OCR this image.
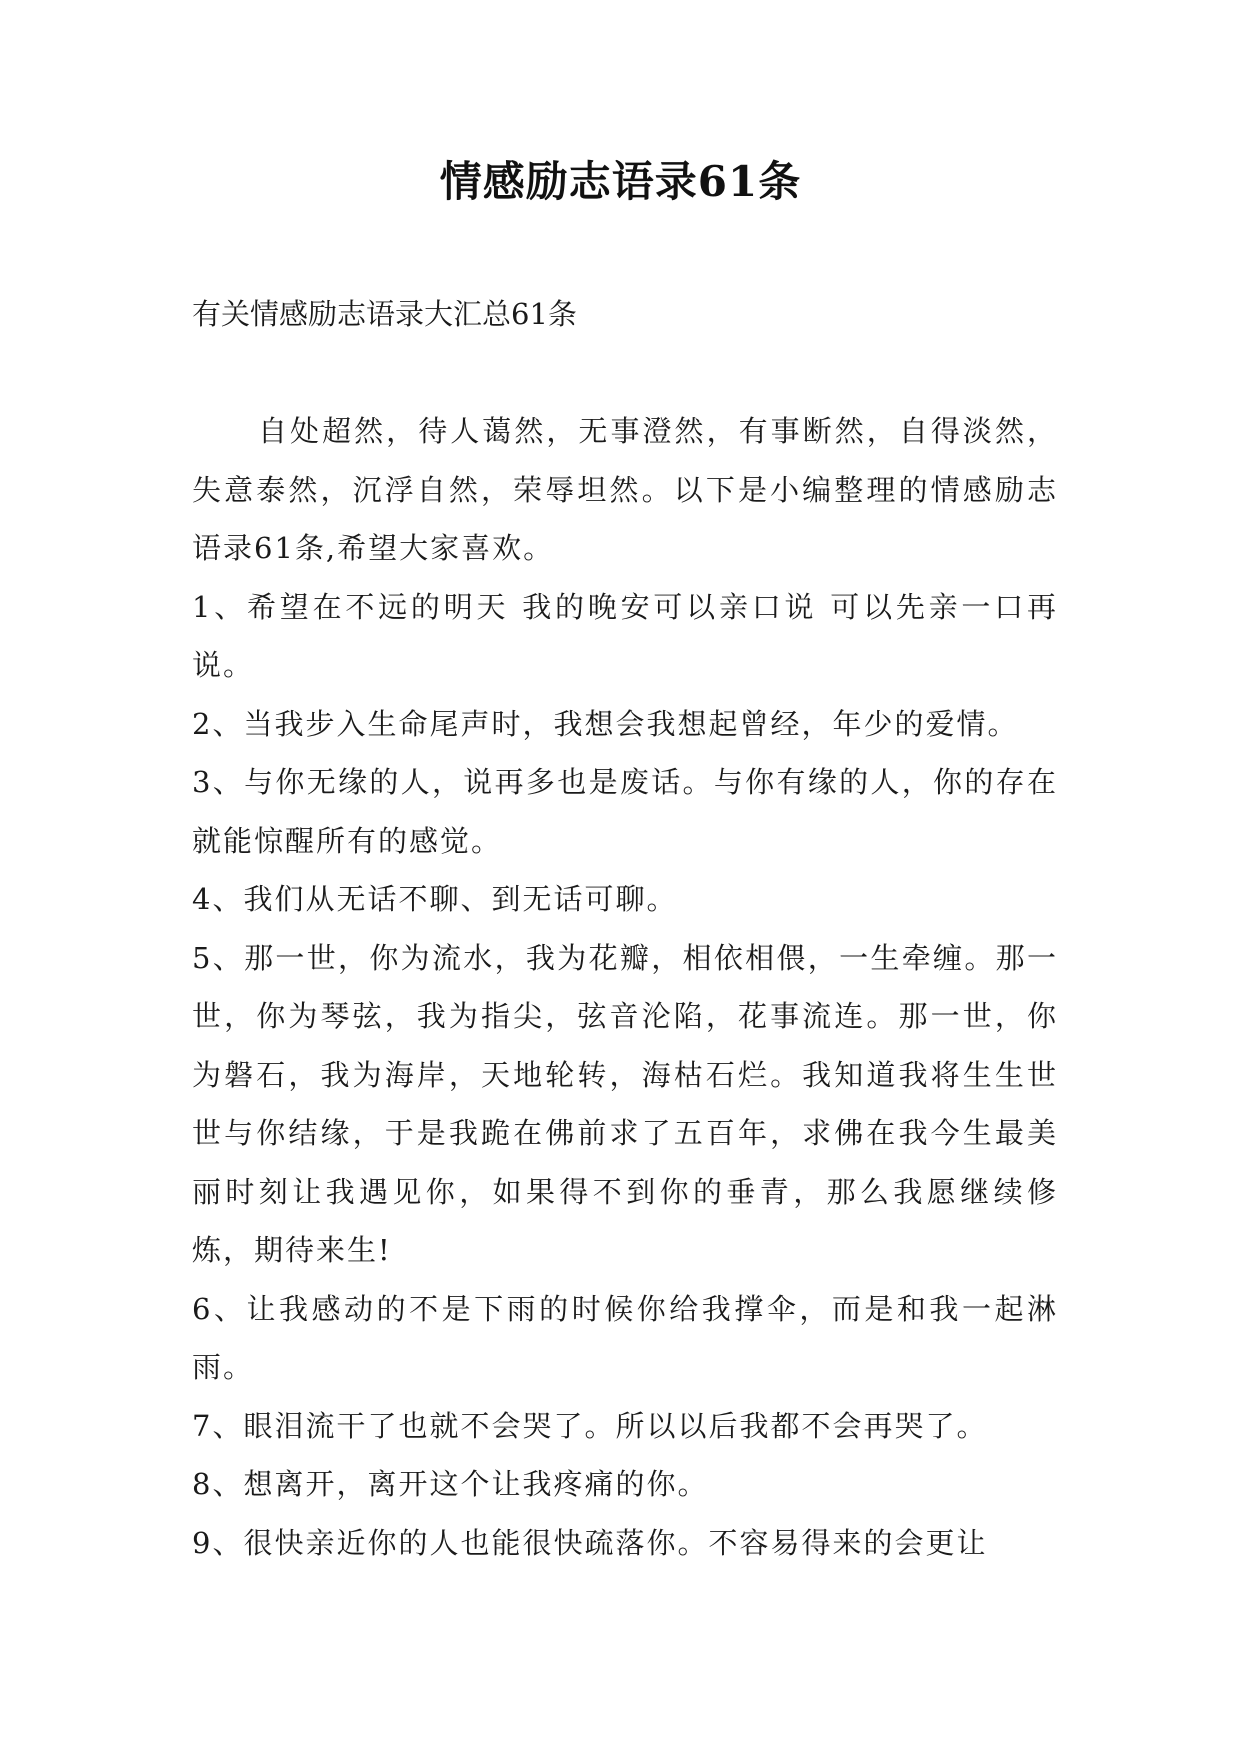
情感励志语录61条
有关情感励志语录大汇总61条

自处超然，待人蔼然，无事澄然，有事断然，自得淡然，失意泰然，沉浮自然，荣辱坦然。以下是小编整理的情感励志语录61条,希望大家喜欢。

1、希望在不远的明天 我的晚安可以亲口说 可以先亲一口再说。

2、当我步入生命尾声时，我想会我想起曾经，年少的爱情。

3、与你无缘的人，说再多也是废话。与你有缘的人，你的存在就能惊醒所有的感觉。

4、我们从无话不聊、到无话可聊。

5、那一世，你为流水，我为花瓣，相依相偎，一生牵缠。那一世，你为琴弦，我为指尖，弦音沦陷，花事流连。那一世，你为磐石，我为海岸，天地轮转，海枯石烂。我知道我将生生世世与你结缘，于是我跪在佛前求了五百年，求佛在我今生最美丽时刻让我遇见你，如果得不到你的垂青，那么我愿继续修炼，期待来生!

6、让我感动的不是下雨的时候你给我撑伞，而是和我一起淋雨。

7、眼泪流干了也就不会哭了。所以以后我都不会再哭了。

8、想离开，离开这个让我疼痛的你。

9、很快亲近你的人也能很快疏落你。不容易得来的会更让
